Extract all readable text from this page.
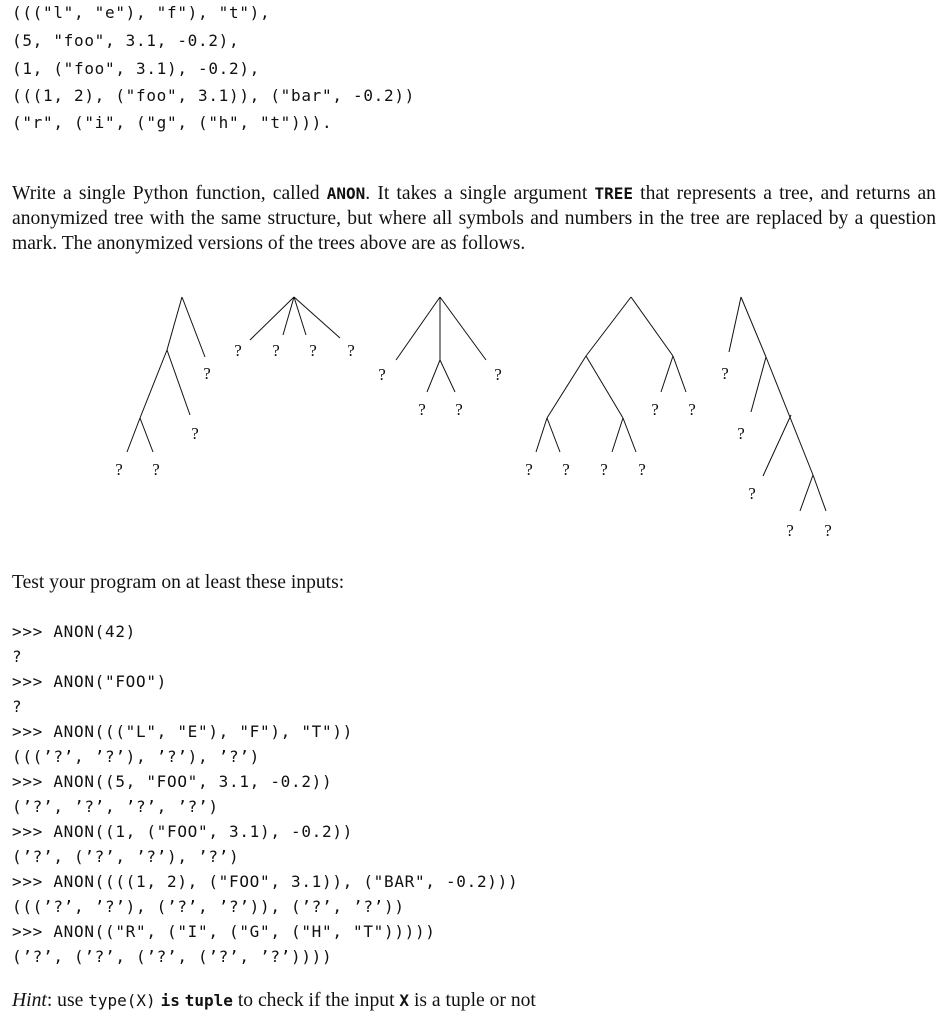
((("l", "e"), "f"), "t"),
(5, "foo", 3.1, -0.2),
(1, ("foo", 3.1), -0.2),
(((1, 2), ("foo", 3.1)), ("bar", -0.2))
("r", ("i", ("g", ("h", "t"))).
Write a single Python function, called ANON. It takes a single argument TREE that represents a tree, and returns an anonymized tree with the same structure, but where all symbols and numbers in the tree are replaced by a question mark. The anonymized versions of the trees above are as follows.
?
?
? ?
? ? ? ?
?	?
? ?
? ? ? ?
? ?
?
?
?
? ?
Test your program on at least these inputs:
>>> ANON(42)
?
>>> ANON("FOO")
?
>>> ANON((("L", "E"), "F"), "T"))
(((’?’, ’?’), ’?’), ’?’)
>>> ANON((5, "FOO", 3.1, -0.2))
(’?’, ’?’, ’?’, ’?’)
>>> ANON((1, ("FOO", 3.1), -0.2))
(’?’, (’?’, ’?’), ’?’)
>>> ANON((((1, 2), ("FOO", 3.1)), ("BAR", -0.2)))
(((’?’, ’?’), (’?’, ’?’)), (’?’, ’?’))
>>> ANON(("R", ("I", ("G", ("H", "T")))))
(’?’, (’?’, (’?’, (’?’, ’?’))))
Hint: use type(X) is tuple to check if the input X is a tuple or not
